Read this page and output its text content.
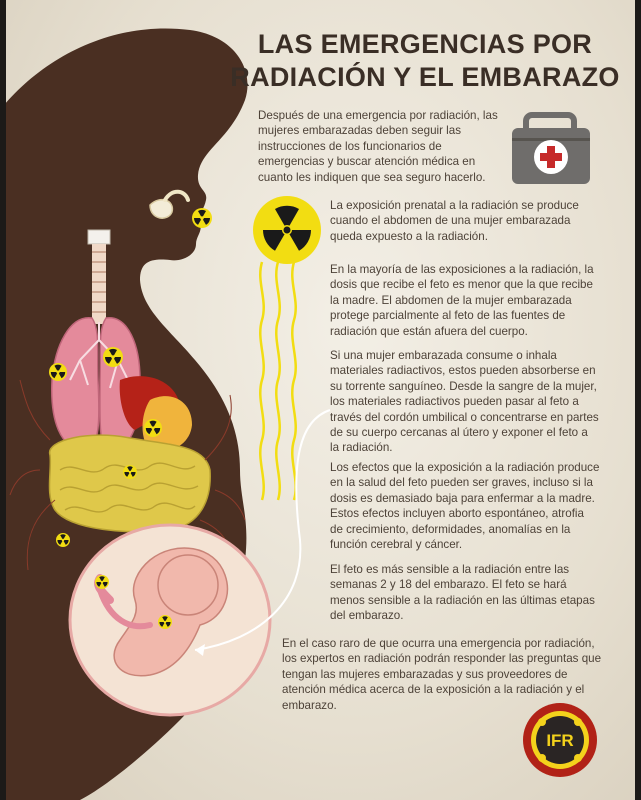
IFR
LAS EMERGENCIAS POR
RADIACIÓN Y EL EMBARAZO

Después de una emergencia por radiación, las mujeres embarazadas deben seguir las instrucciones de los funcionarios de emergencias y buscar atención médica en cuanto les indiquen que sea seguro hacerlo.

La exposición prenatal a la radiación se produce cuando el abdomen de una mujer embarazada queda expuesto a la radiación.

En la mayoría de las exposiciones a la radiación, la dosis que recibe el feto es menor que la que recibe la madre. El abdomen de la mujer embarazada protege parcialmente al feto de las fuentes de radiación que están afuera del cuerpo.

Si una mujer embarazada consume o inhala materiales radiactivos, estos pueden absorberse en su torrente sanguíneo. Desde la sangre de la mujer, los materiales radiactivos pueden pasar al feto a través del cordón umbilical o concentrarse en partes de su cuerpo cercanas al útero y exponer el feto a la radiación.

Los efectos que la exposición a la radiación produce en la salud del feto pueden ser graves, incluso si la dosis es demasiado baja para enfermar a la madre. Estos efectos incluyen aborto espontáneo, atrofia de crecimiento, deformidades, anomalías en la función cerebral y cáncer.

El feto es más sensible a la radiación entre las semanas 2 y 18 del embarazo. El feto se hará menos sensible a la radiación en las últimas etapas del embarazo.

En el caso raro de que ocurra una emergencia por radiación, los expertos en radiación podrán responder las preguntas que tengan las mujeres embarazadas y sus proveedores de atención médica acerca de la exposición a la radiación y el embarazo.
